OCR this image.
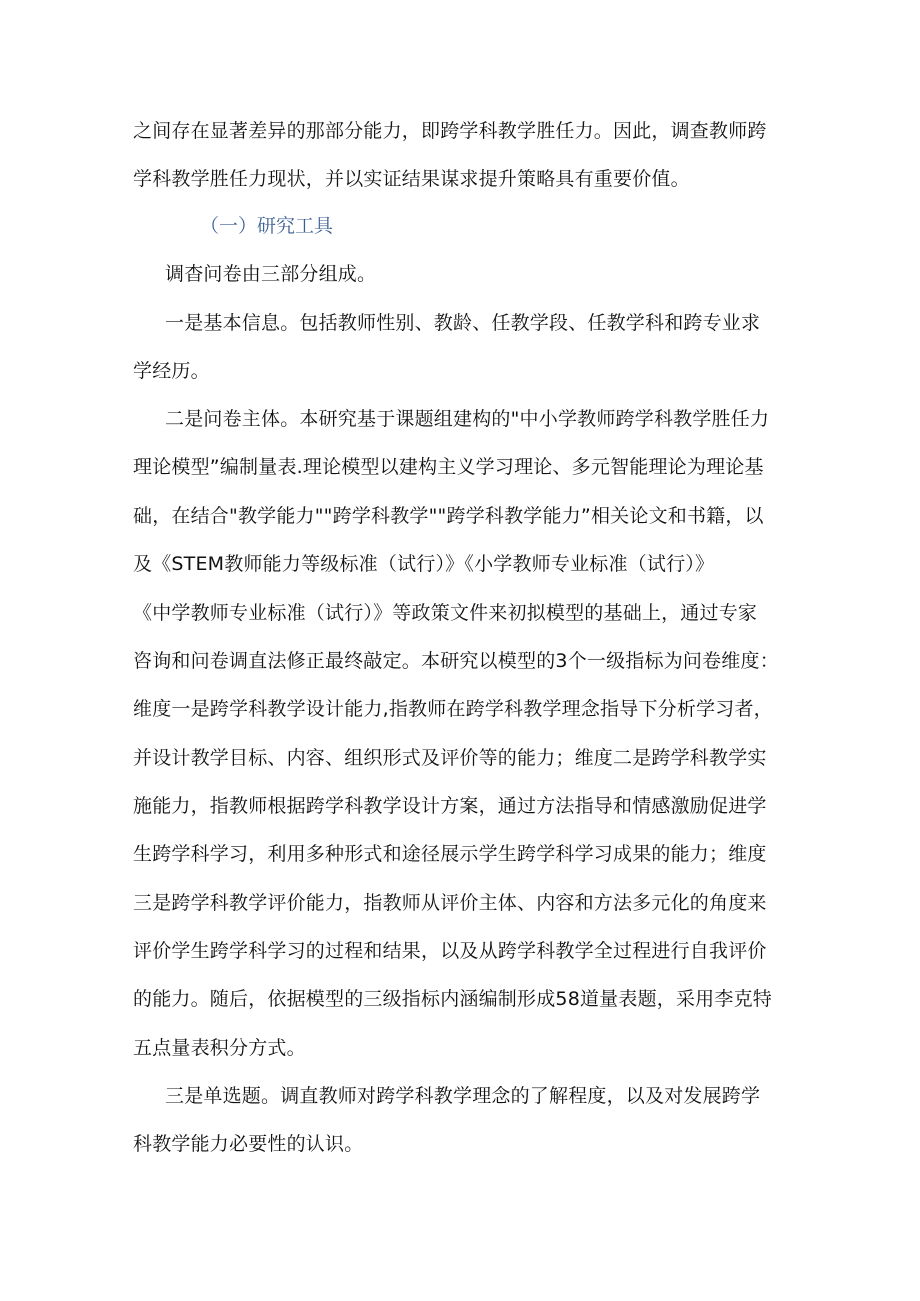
之间存在显著差异的那部分能力，即跨学科教学胜任力。因此，调查教师跨
学科教学胜任力现状，并以实证结果谋求提升策略具有重要价值。
（一）研究工具
调杳问卷由三部分组成。
一是基本信息。包括教师性别、教龄、任教学段、任教学科和跨专业求
学经历。
二是问卷主体。本研究基于课题组建构的"中小学教师跨学科教学胜任力
理论模型”编制量表.理论模型以建构主义学习理论、多元智能理论为理论基
础，在结合"教学能力""跨学科教学""跨学科教学能力”相关论文和书籍，以
及《STEM教师能力等级标准（试行）》《小学教师专业标准（试行）》
《中学教师专业标准（试行）》等政策文件来初拟模型的基础上，通过专家
咨询和问卷调直法修正最终敲定。本研究以模型的3个一级指标为问卷维度：
维度一是跨学科教学设计能力,指教师在跨学科教学理念指导下分析学习者，
并设计教学目标、内容、组织形式及评价等的能力；维度二是跨学科教学实
施能力，指教师根据跨学科教学设计方案，通过方法指导和情感激励促进学
生跨学科学习，利用多种形式和途径展示学生跨学科学习成果的能力；维度
三是跨学科教学评价能力，指教师从评价主体、内容和方法多元化的角度来
评价学生跨学科学习的过程和结果，以及从跨学科教学全过程进行自我评价
的能力。随后，依据模型的三级指标内涵编制形成58道量表题，采用李克特
五点量表积分方式。
三是单选题。调直教师对跨学科教学理念的了解程度，以及对发展跨学
科教学能力必要性的认识。
